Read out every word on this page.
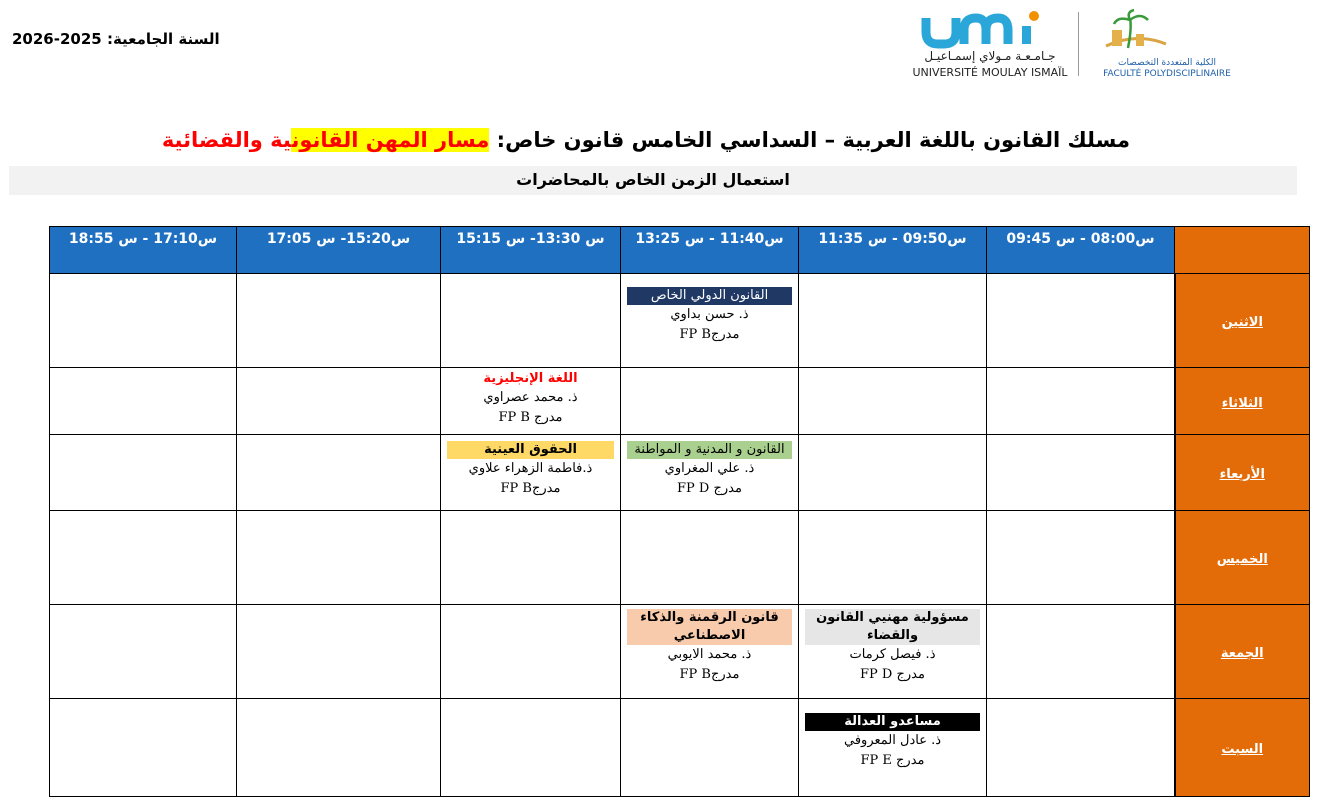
السنة الجامعية: 2025-2026
جـامـعـة مـولاي إسمـاعيـل
UNIVERSITÉ MOULAY ISMAÏL
الكلية المتعددة التخصصات
FACULTÉ POLYDISCIPLINAIRE
مسلك القانون باللغة العربية – السداسي الخامس قانون خاص: مسار المهن القانونية والقضائية
استعمال الزمن الخاص بالمحاضرات
	س08:00 - س 09:45	س09:50 - س 11:35	س11:40 - س 13:25	س 13:30- س 15:15	س15:20- س 17:05	س17:10 - س 18:55
الاثنين			القانون الدولي الخاص
ذ. حسن بداوي
مدرجFP B			

الثلاثاء				اللغة الإنجليزية
ذ. محمد عصراوي
مدرج FP B		

الأربعاء			القانون و المدنية و المواطنة
ذ. علي المغراوي
مدرج FP D	الحقوق العينية
ذ.فاطمة الزهراء علاوي
مدرجFP B		

الخميس						
الجمعة		مسؤولية مهنيي القانون والقضاء
ذ. فيصل كرمات
مدرج FP D	قانون الرقمنة والذكاء الاصطناعي
ذ. محمد الايوبي
مدرجFP B			

السبت		مساعدو العدالة
ذ. عادل المعروفي
مدرج FP E				
